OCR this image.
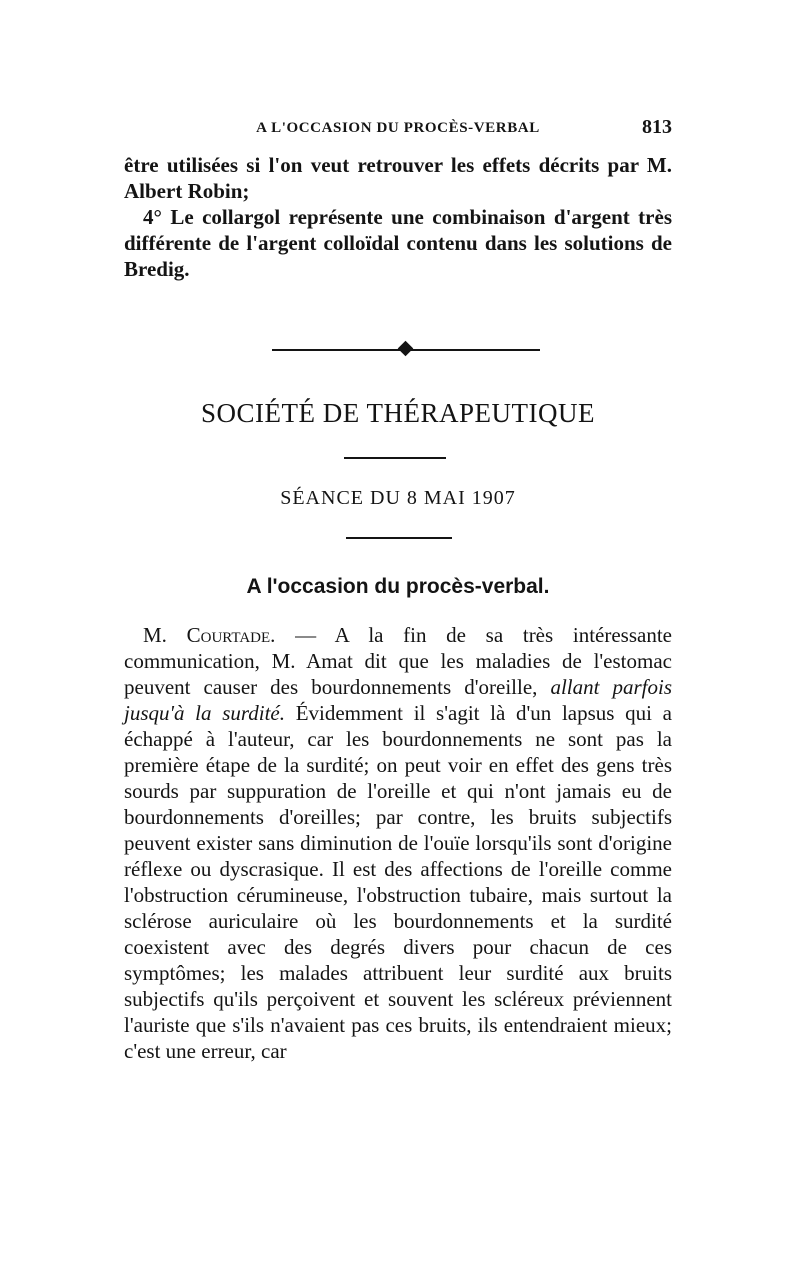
A L'OCCASION DU PROCÈS-VERBAL	813

être utilisées si l'on veut retrouver les effets décrits par M. Albert Robin;

4° Le collargol représente une combinaison d'argent très différente de l'argent colloïdal contenu dans les solutions de Bredig.

SOCIÉTÉ DE THÉRAPEUTIQUE
SÉANCE DU 8 MAI 1907
A l'occasion du procès-verbal.

M. Courtade. — A la fin de sa très intéressante communication, M. Amat dit que les maladies de l'estomac peuvent causer des bourdonnements d'oreille, allant parfois jusqu'à la surdité. Évidemment il s'agit là d'un lapsus qui a échappé à l'auteur, car les bourdonnements ne sont pas la première étape de la surdité; on peut voir en effet des gens très sourds par suppuration de l'oreille et qui n'ont jamais eu de bourdonnements d'oreilles; par contre, les bruits subjectifs peuvent exister sans diminution de l'ouïe lorsqu'ils sont d'origine réflexe ou dyscrasique. Il est des affections de l'oreille comme l'obstruction cérumineuse, l'obstruction tubaire, mais surtout la sclérose auriculaire où les bourdonnements et la surdité coexistent avec des degrés divers pour chacun de ces symptômes; les malades attribuent leur surdité aux bruits subjectifs qu'ils perçoivent et souvent les scléreux préviennent l'auriste que s'ils n'avaient pas ces bruits, ils entendraient mieux; c'est une erreur, car
